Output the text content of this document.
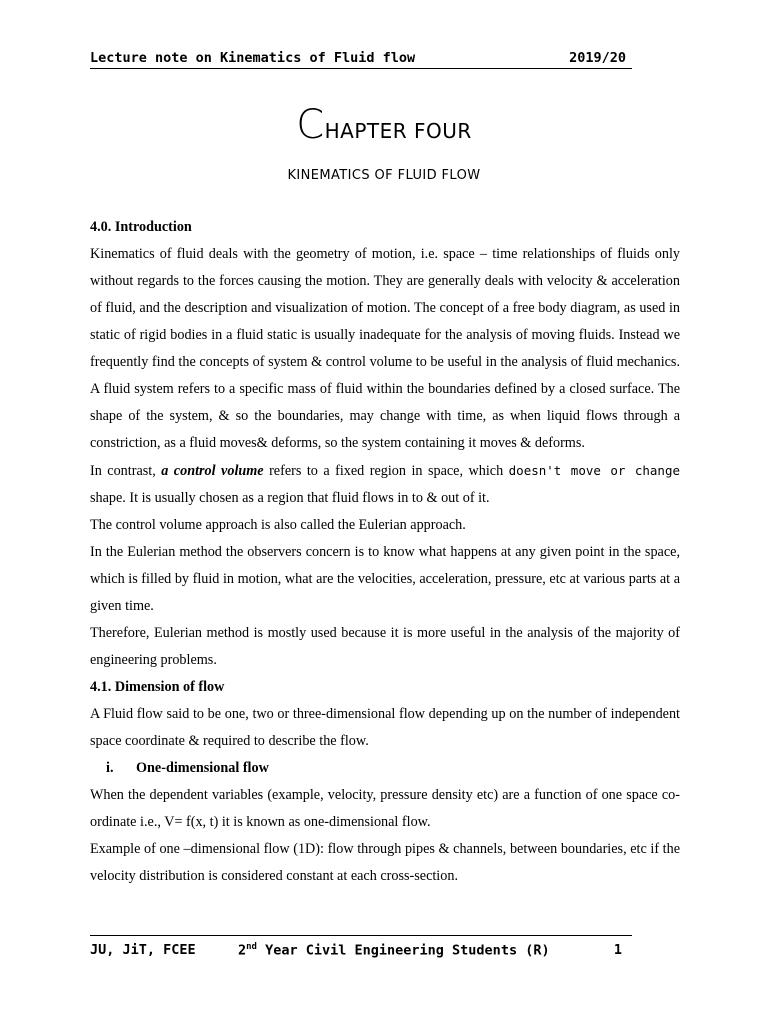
Lecture note on Kinematics of Fluid flow	2019/20
CHAPTER FOUR
KINEMATICS OF FLUID FLOW

4.0. Introduction

Kinematics of fluid deals with the geometry of motion, i.e. space – time relationships of fluids only without regards to the forces causing the motion. They are generally deals with velocity & acceleration of fluid, and the description and visualization of motion. The concept of a free body diagram, as used in static of rigid bodies in a fluid static is usually inadequate for the analysis of moving fluids. Instead we frequently find the concepts of system & control volume to be useful in the analysis of fluid mechanics. A fluid system refers to a specific mass of fluid within the boundaries defined by a closed surface. The shape of the system, & so the boundaries, may change with time, as when liquid flows through a constriction, as a fluid moves& deforms, so the system containing it moves & deforms.

In contrast, a control volume refers to a fixed region in space, which doesn't move or change shape. It is usually chosen as a region that fluid flows in to & out of it.

The control volume approach is also called the Eulerian approach.

In the Eulerian method the observers concern is to know what happens at any given point in the space, which is filled by fluid in motion, what are the velocities, acceleration, pressure, etc at various parts at a given time.

Therefore, Eulerian method is mostly used because it is more useful in the analysis of the majority of engineering problems.

4.1. Dimension of flow

A Fluid flow said to be one, two or three-dimensional flow depending up on the number of independent space coordinate & required to describe the flow.

i. One-dimensional flow

When the dependent variables (example, velocity, pressure density etc) are a function of one space co-ordinate i.e., V= f(x, t) it is known as one-dimensional flow.

Example of one –dimensional flow (1D): flow through pipes & channels, between boundaries, etc if the velocity distribution is considered constant at each cross-section.

JU, JiT, FCEE	2nd Year Civil Engineering Students (R)	1
